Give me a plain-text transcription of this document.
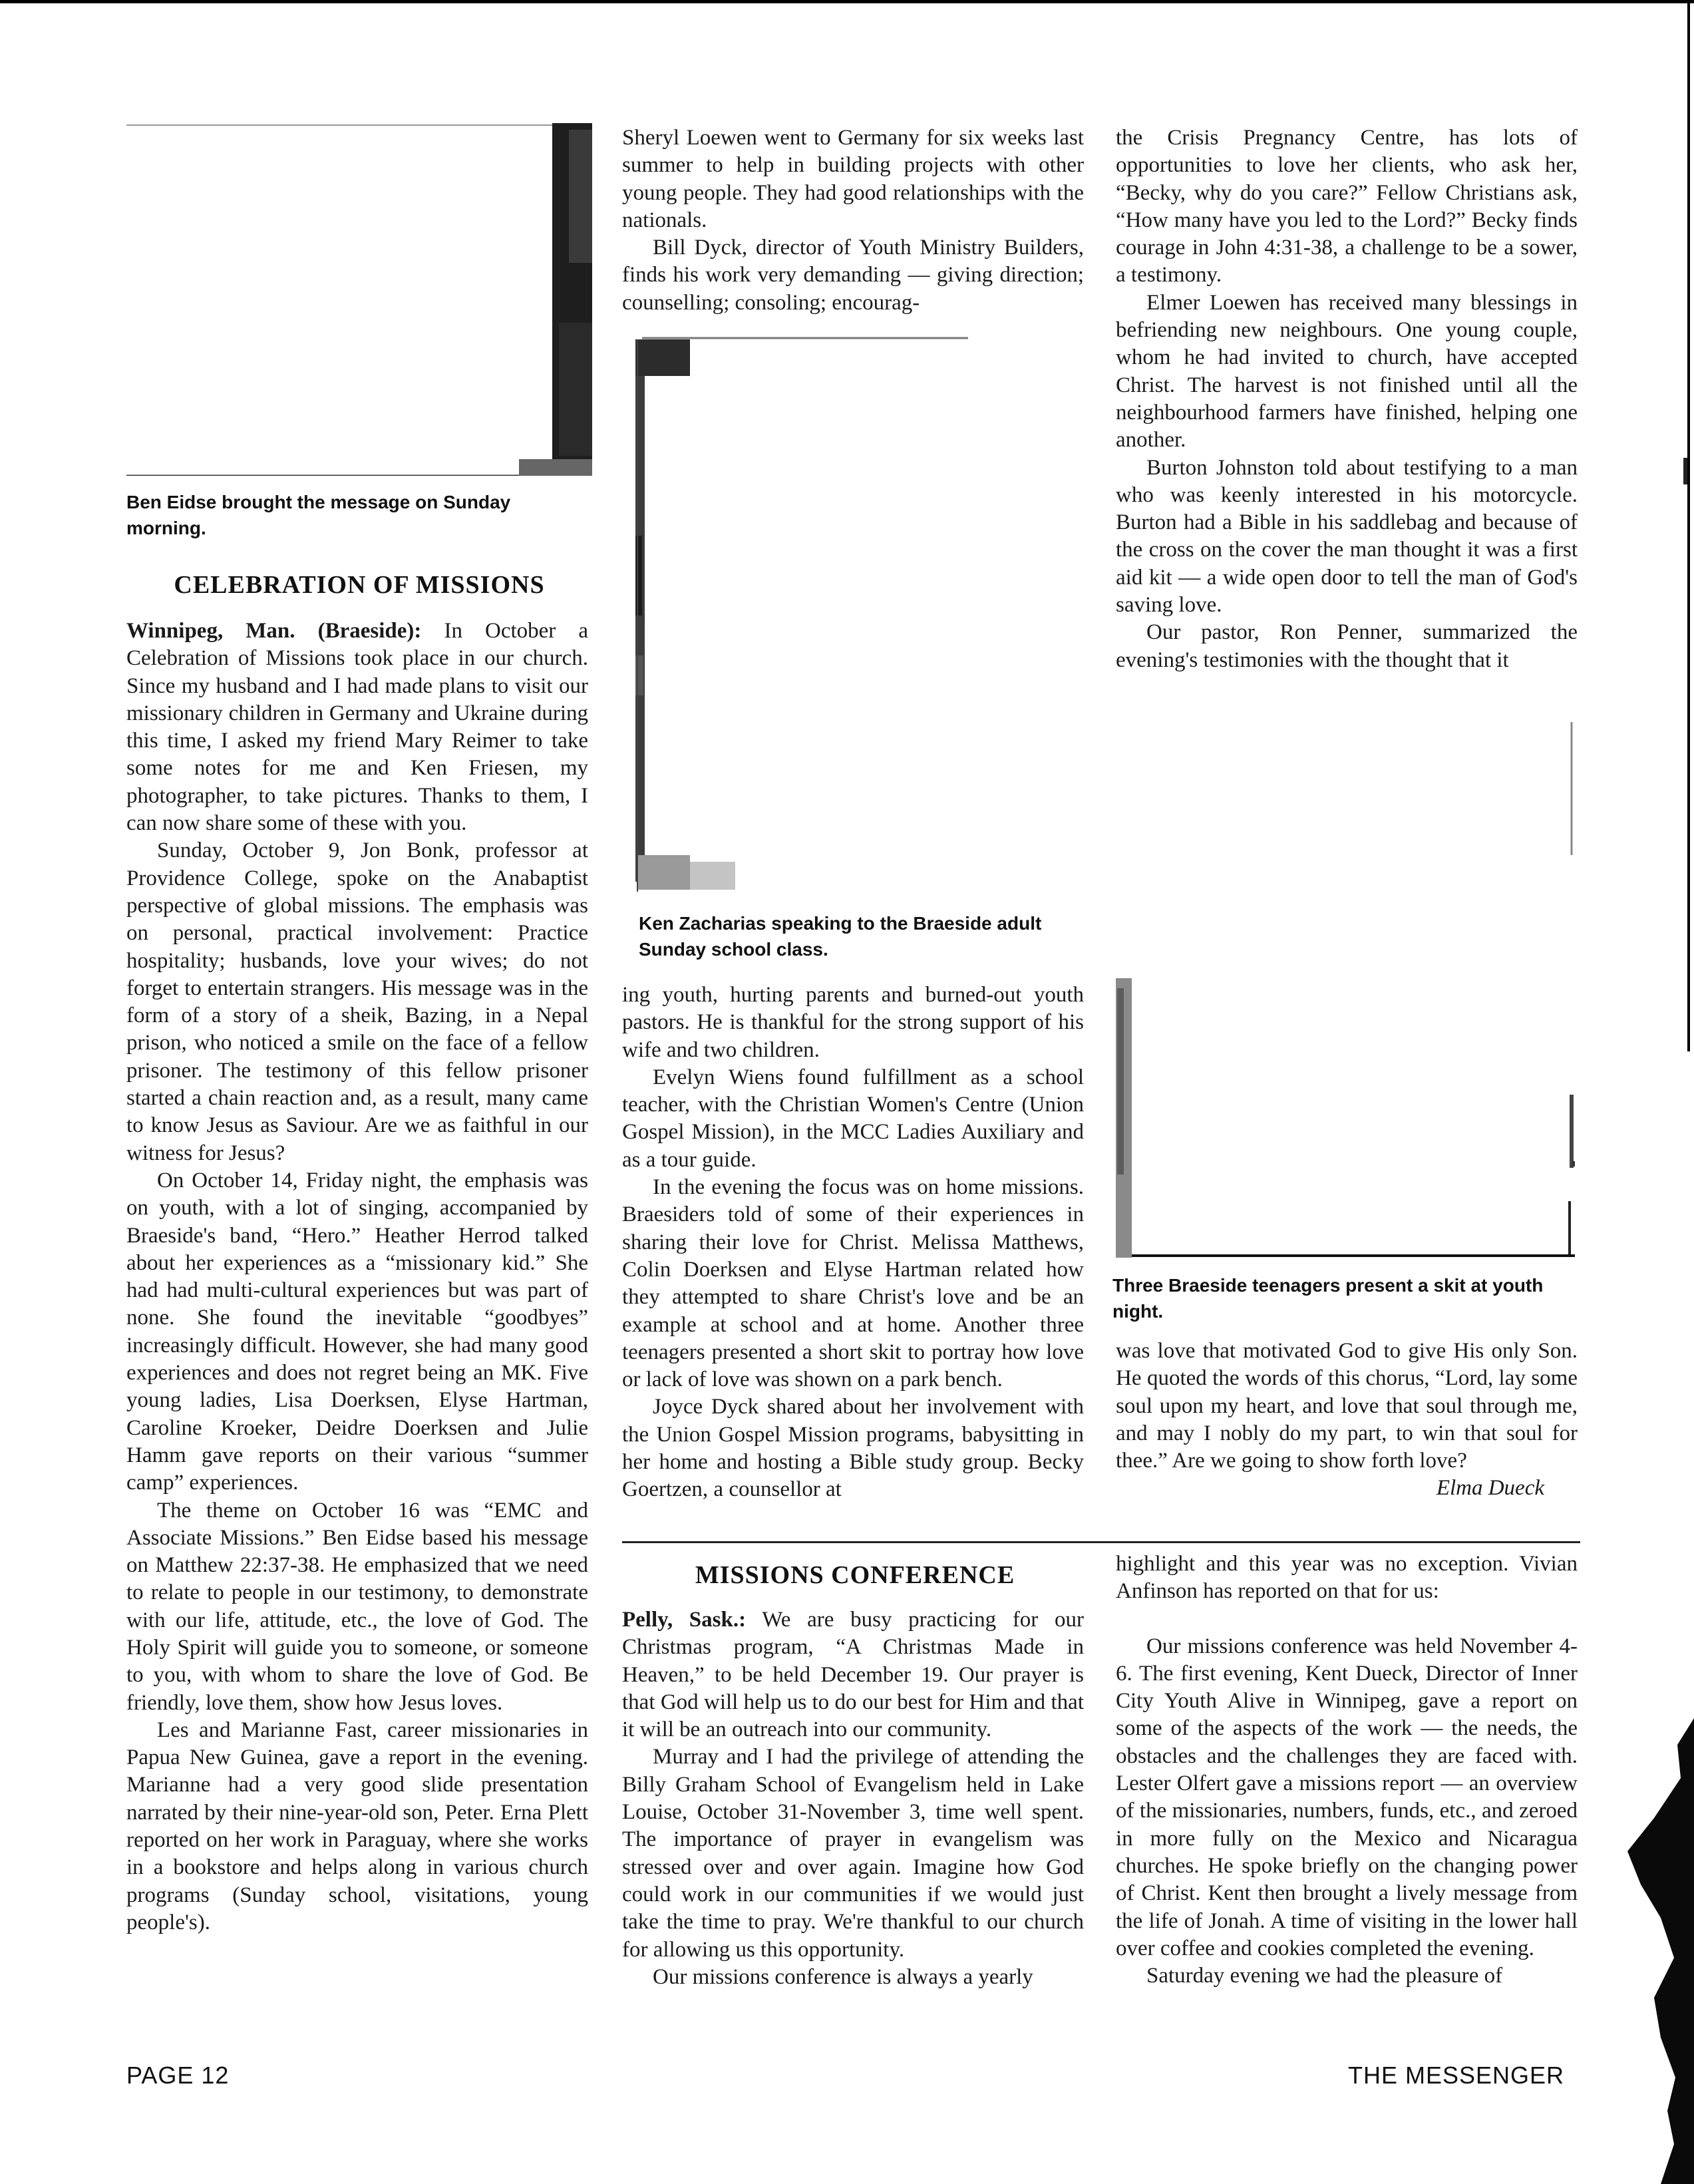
Ben Eidse brought the message on Sunday morning.
CELEBRATION OF MISSIONS

Winnipeg, Man. (Braeside): In October a Celebration of Missions took place in our church. Since my husband and I had made plans to visit our missionary children in Germany and Ukraine during this time, I asked my friend Mary Reimer to take some notes for me and Ken Friesen, my photographer, to take pictures. Thanks to them, I can now share some of these with you.

Sunday, October 9, Jon Bonk, professor at Providence College, spoke on the Anabaptist perspective of global missions. The emphasis was on personal, practical involvement: Practice hospitality; husbands, love your wives; do not forget to entertain strangers. His message was in the form of a story of a sheik, Bazing, in a Nepal prison, who noticed a smile on the face of a fellow prisoner. The testimony of this fellow prisoner started a chain reaction and, as a result, many came to know Jesus as Saviour. Are we as faithful in our witness for Jesus?

On October 14, Friday night, the emphasis was on youth, with a lot of singing, accompanied by Braeside's band, “Hero.” Heather Herrod talked about her experiences as a “missionary kid.” She had had multi-cultural experiences but was part of none. She found the inevitable “goodbyes” increasingly difficult. However, she had many good experiences and does not regret being an MK. Five young ladies, Lisa Doerksen, Elyse Hartman, Caroline Kroeker, Deidre Doerksen and Julie Hamm gave reports on their various “summer camp” experiences.

The theme on October 16 was “EMC and Associate Missions.” Ben Eidse based his message on Matthew 22:37-38. He emphasized that we need to relate to people in our testimony, to demonstrate with our life, attitude, etc., the love of God. The Holy Spirit will guide you to someone, or someone to you, with whom to share the love of God. Be friendly, love them, show how Jesus loves.

Les and Marianne Fast, career missionaries in Papua New Guinea, gave a report in the evening. Marianne had a very good slide presentation narrated by their nine-year-old son, Peter. Erna Plett reported on her work in Paraguay, where she works in a bookstore and helps along in various church programs (Sunday school, visitations, young people's).

Sheryl Loewen went to Germany for six weeks last summer to help in building projects with other young people. They had good relationships with the nationals.

Bill Dyck, director of Youth Ministry Builders, finds his work very demanding — giving direction; counselling; consoling; encourag-

Ken Zacharias speaking to the Braeside adult Sunday school class.

ing youth, hurting parents and burned-out youth pastors. He is thankful for the strong support of his wife and two children.

Evelyn Wiens found fulfillment as a school teacher, with the Christian Women's Centre (Union Gospel Mission), in the MCC Ladies Auxiliary and as a tour guide.

In the evening the focus was on home missions. Braesiders told of some of their experiences in sharing their love for Christ. Melissa Matthews, Colin Doerksen and Elyse Hartman related how they attempted to share Christ's love and be an example at school and at home. Another three teenagers presented a short skit to portray how love or lack of love was shown on a park bench.

Joyce Dyck shared about her involvement with the Union Gospel Mission programs, babysitting in her home and hosting a Bible study group. Becky Goertzen, a counsellor at

the Crisis Pregnancy Centre, has lots of opportunities to love her clients, who ask her, “Becky, why do you care?” Fellow Christians ask, “How many have you led to the Lord?” Becky finds courage in John 4:31-38, a challenge to be a sower, a testimony.

Elmer Loewen has received many blessings in befriending new neighbours. One young couple, whom he had invited to church, have accepted Christ. The harvest is not finished until all the neighbourhood farmers have finished, helping one another.

Burton Johnston told about testifying to a man who was keenly interested in his motorcycle. Burton had a Bible in his saddlebag and because of the cross on the cover the man thought it was a first aid kit — a wide open door to tell the man of God's saving love.

Our pastor, Ron Penner, summarized the evening's testimonies with the thought that it

Three Braeside teenagers present a skit at youth night.

was love that motivated God to give His only Son. He quoted the words of this chorus, “Lord, lay some soul upon my heart, and love that soul through me, and may I nobly do my part, to win that soul for thee.” Are we going to show forth love?

Elma Dueck

MISSIONS CONFERENCE

Pelly, Sask.: We are busy practicing for our Christmas program, “A Christmas Made in Heaven,” to be held December 19. Our prayer is that God will help us to do our best for Him and that it will be an outreach into our community.

Murray and I had the privilege of attending the Billy Graham School of Evangelism held in Lake Louise, October 31-November 3, time well spent. The importance of prayer in evangelism was stressed over and over again. Imagine how God could work in our communities if we would just take the time to pray. We're thankful to our church for allowing us this opportunity.

Our missions conference is always a yearly

highlight and this year was no exception. Vivian Anfinson has reported on that for us:

Our missions conference was held November 4-6. The first evening, Kent Dueck, Director of Inner City Youth Alive in Winnipeg, gave a report on some of the aspects of the work — the needs, the obstacles and the challenges they are faced with. Lester Olfert gave a missions report — an overview of the missionaries, numbers, funds, etc., and zeroed in more fully on the Mexico and Nicaragua churches. He spoke briefly on the changing power of Christ. Kent then brought a lively message from the life of Jonah. A time of visiting in the lower hall over coffee and cookies completed the evening.

Saturday evening we had the pleasure of

PAGE 12	THE MESSENGER
